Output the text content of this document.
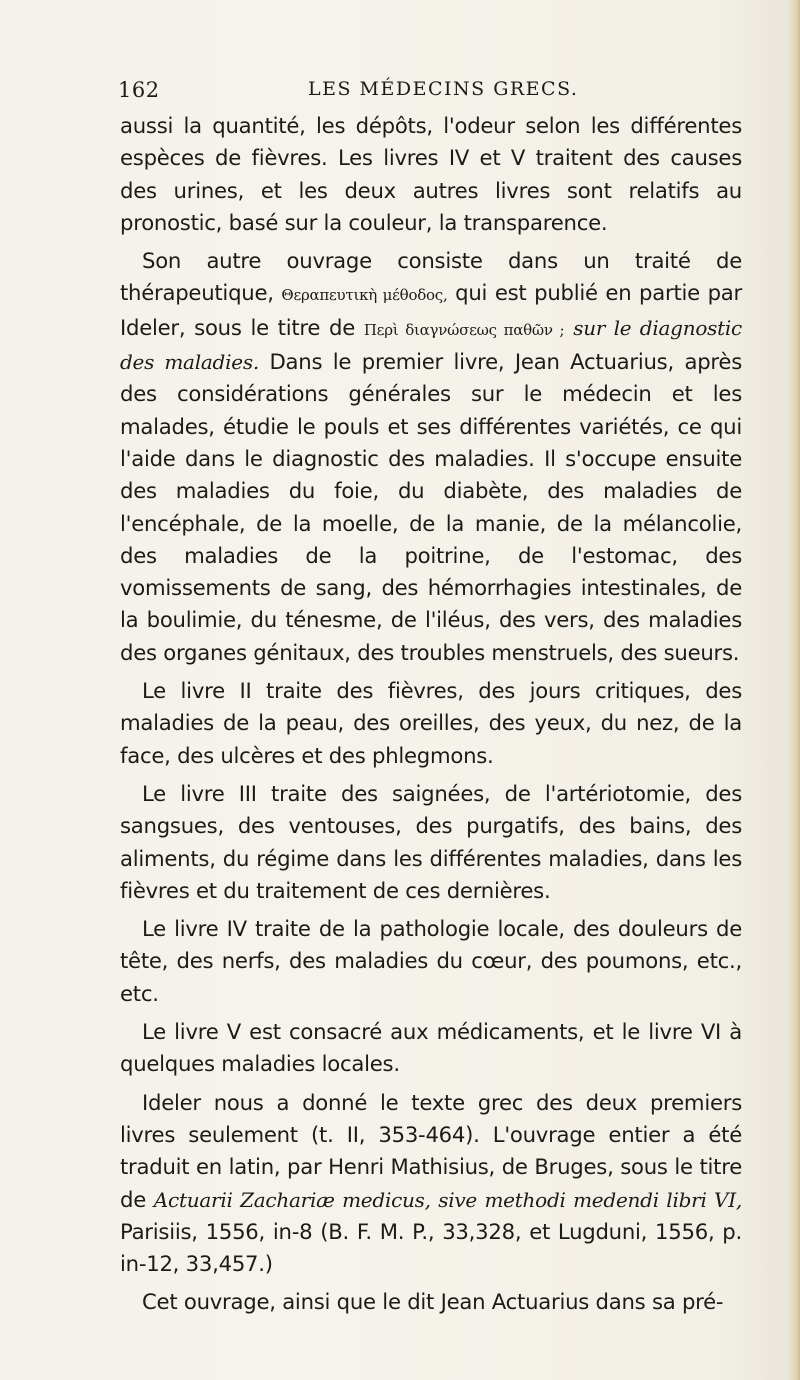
162	LES MÉDECINS GRECS.

aussi la quantité, les dépôts, l'odeur selon les différentes espèces de fièvres. Les livres IV et V traitent des causes des urines, et les deux autres livres sont relatifs au pronostic, basé sur la couleur, la transparence.

Son autre ouvrage consiste dans un traité de thérapeutique, Θεραπευτικὴ μέθοδος, qui est publié en partie par Ideler, sous le titre de Περὶ διαγνώσεως παθῶν ; sur le diagnostic des maladies. Dans le premier livre, Jean Actuarius, après des considérations générales sur le médecin et les malades, étudie le pouls et ses différentes variétés, ce qui l'aide dans le diagnostic des maladies. Il s'occupe ensuite des maladies du foie, du diabète, des maladies de l'encéphale, de la moelle, de la manie, de la mélancolie, des maladies de la poitrine, de l'estomac, des vomissements de sang, des hémorrhagies intestinales, de la boulimie, du ténesme, de l'iléus, des vers, des maladies des organes génitaux, des troubles menstruels, des sueurs.

Le livre II traite des fièvres, des jours critiques, des maladies de la peau, des oreilles, des yeux, du nez, de la face, des ulcères et des phlegmons.

Le livre III traite des saignées, de l'artériotomie, des sangsues, des ventouses, des purgatifs, des bains, des aliments, du régime dans les différentes maladies, dans les fièvres et du traitement de ces dernières.

Le livre IV traite de la pathologie locale, des douleurs de tête, des nerfs, des maladies du cœur, des poumons, etc., etc.

Le livre V est consacré aux médicaments, et le livre VI à quelques maladies locales.

Ideler nous a donné le texte grec des deux premiers livres seulement (t. II, 353-464). L'ouvrage entier a été traduit en latin, par Henri Mathisius, de Bruges, sous le titre de Actuarii Zachariæ medicus, sive methodi medendi libri VI, Parisiis, 1556, in-8 (B. F. M. P., 33,328, et Lugduni, 1556, p. in-12, 33,457.)

Cet ouvrage, ainsi que le dit Jean Actuarius dans sa pré-
